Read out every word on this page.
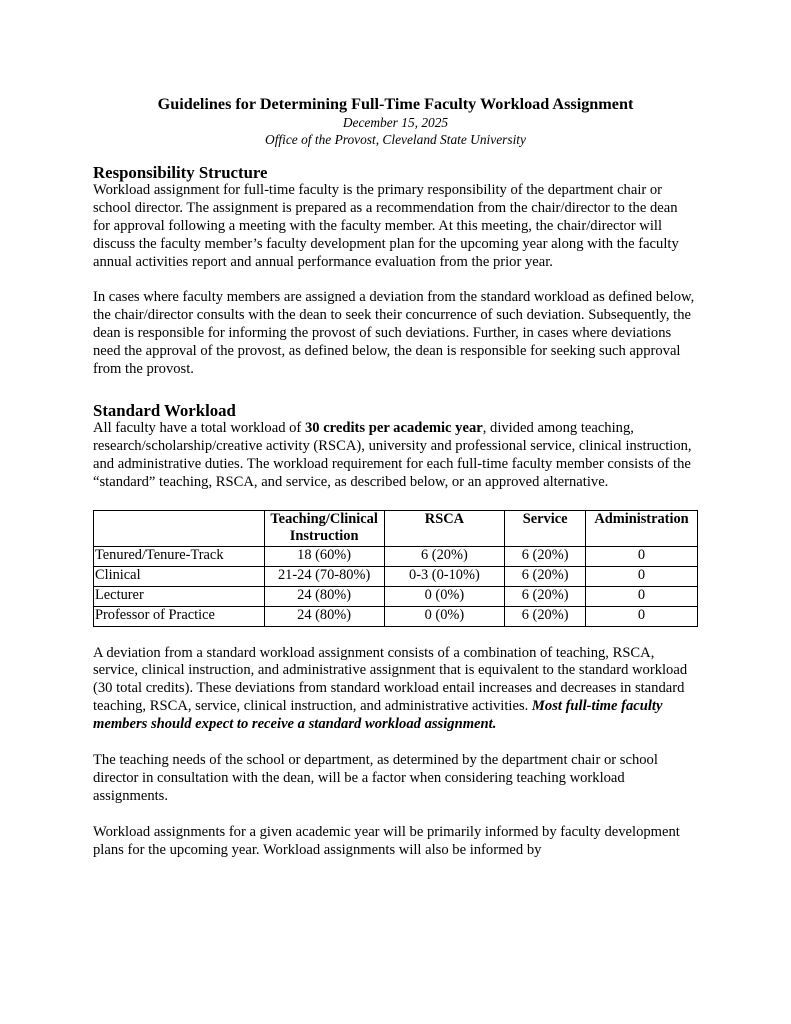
Guidelines for Determining Full-Time Faculty Workload Assignment

December 15, 2025

Office of the Provost, Cleveland State University

Responsibility Structure

Workload assignment for full-time faculty is the primary responsibility of the department chair or school director. The assignment is prepared as a recommendation from the chair/director to the dean for approval following a meeting with the faculty member. At this meeting, the chair/director will discuss the faculty member’s faculty development plan for the upcoming year along with the faculty annual activities report and annual performance evaluation from the prior year.

In cases where faculty members are assigned a deviation from the standard workload as defined below, the chair/director consults with the dean to seek their concurrence of such deviation. Subsequently, the dean is responsible for informing the provost of such deviations. Further, in cases where deviations need the approval of the provost, as defined below, the dean is responsible for seeking such approval from the provost.

Standard Workload

All faculty have a total workload of 30 credits per academic year, divided among teaching, research/scholarship/creative activity (RSCA), university and professional service, clinical instruction, and administrative duties. The workload requirement for each full-time faculty member consists of the “standard” teaching, RSCA, and service, as described below, or an approved alternative.

	Teaching/Clinical Instruction	RSCA	Service	Administration
Tenured/Tenure-Track	18 (60%)	6 (20%)	6 (20%)	0
Clinical	21-24 (70-80%)	0-3 (0-10%)	6 (20%)	0
Lecturer	24 (80%)	0 (0%)	6 (20%)	0
Professor of Practice	24 (80%)	0 (0%)	6 (20%)	0

A deviation from a standard workload assignment consists of a combination of teaching, RSCA, service, clinical instruction, and administrative assignment that is equivalent to the standard workload (30 total credits). These deviations from standard workload entail increases and decreases in standard teaching, RSCA, service, clinical instruction, and administrative activities. Most full-time faculty members should expect to receive a standard workload assignment.

The teaching needs of the school or department, as determined by the department chair or school director in consultation with the dean, will be a factor when considering teaching workload assignments.

Workload assignments for a given academic year will be primarily informed by faculty development plans for the upcoming year. Workload assignments will also be informed by
